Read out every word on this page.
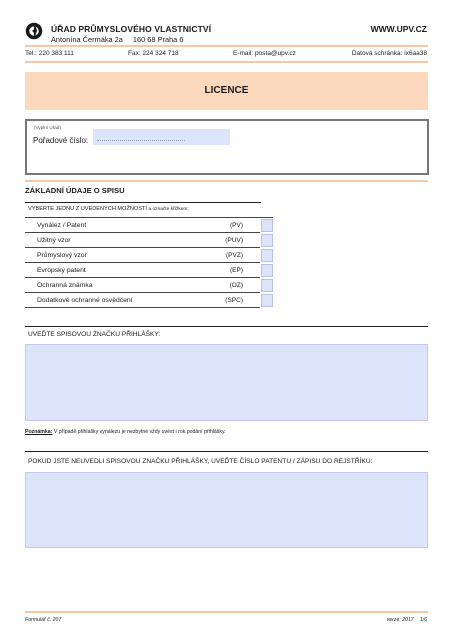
ÚŘAD PRŮMYSLOVÉHO VLASTNICTVÍ
Antonína Čermáka 2a 160 68 Praha 6
WWW.UPV.CZ
Tel.: 220 383 111	Fax: 224 324 718	E-mail: posta@upv.cz	Datová schránka: ix6aa38
LICENCE
(Vyplní Úřad)
Pořadové číslo:
ZÁKLADNÍ ÚDAJE O SPISU
VYBERTE JEDNU Z UVEDENÝCH MOŽNOSTÍ a označte křížkem:
Vynález / Patent	(PV)
Užitný vzor	(PUV)
Průmyslový vzor	(PVZ)
Evropský patent	(EP)
Ochranná známka	(OZ)
Dodatkové ochranné osvědčení	(SPC)
UVEĎTE SPISOVOU ZNAČKU PŘIHLÁŠKY:
Poznámka: V případě přihlášky vynálezu je nezbytné vždy uvést i rok podání přihlášky.
POKUD JSTE NEUVEDLI SPISOVOU ZNAČKU PŘIHLÁŠKY, UVEĎTE ČÍSLO PATENTU / ZÁPISU DO REJSTŘÍKU:
Formulář č. 207	verze: 2017 1/6
